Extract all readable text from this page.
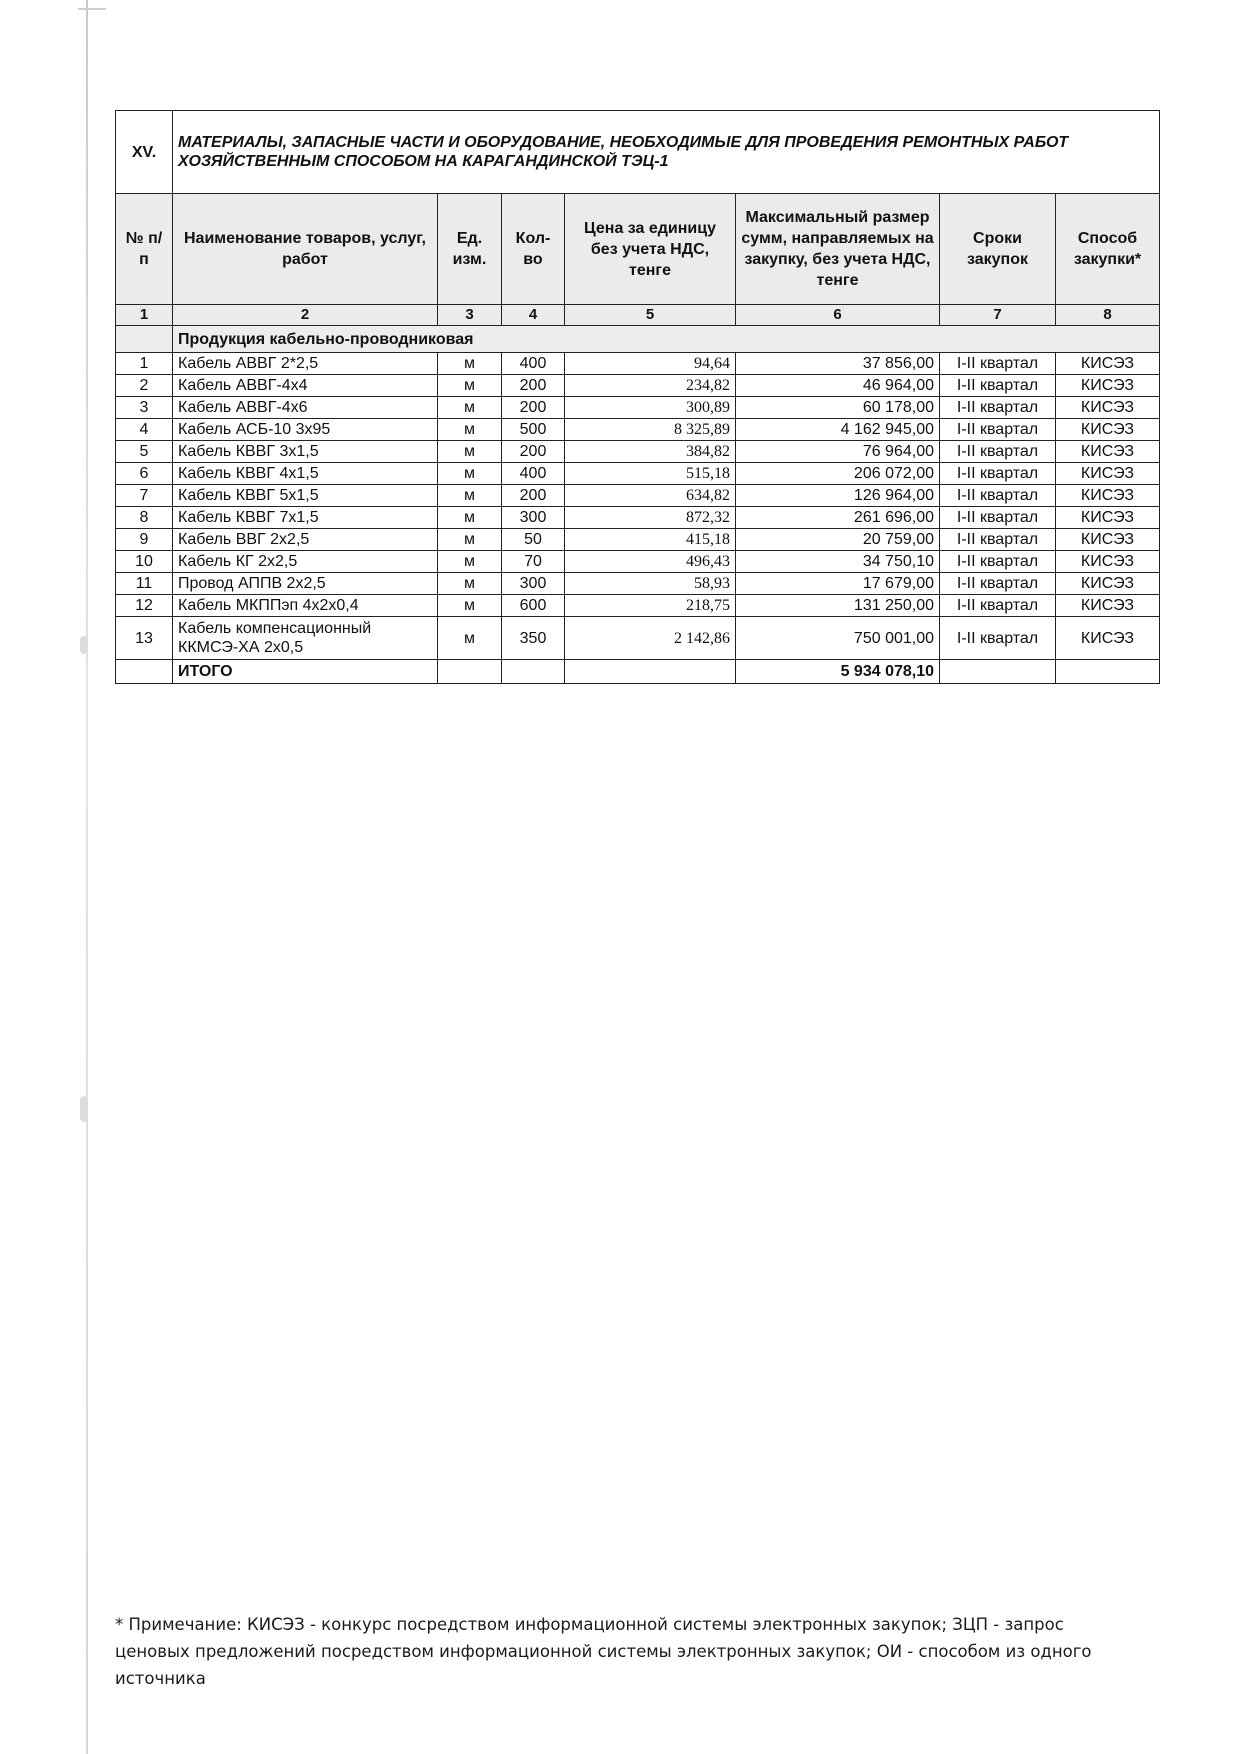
XV.	МАТЕРИАЛЫ, ЗАПАСНЫЕ ЧАСТИ И ОБОРУДОВАНИЕ, НЕОБХОДИМЫЕ ДЛЯ ПРОВЕДЕНИЯ РЕМОНТНЫХ РАБОТ ХОЗЯЙСТВЕННЫМ СПОСОБОМ НА КАРАГАНДИНСКОЙ ТЭЦ-1						
№ п/п	Наименование товаров, услуг, работ	Ед. изм.	Кол-во	Цена за единицу без учета НДС, тенге	Максимальный размер сумм, направляемых на закупку, без учета НДС, тенге	Сроки закупок	Способ закупки*
1	2	3	4	5	6	7	8
	Продукция кабельно-проводниковая						
1	Кабель АВВГ 2*2,5	м	400	94,64	37 856,00	I-II квартал	КИСЭЗ
2	Кабель АВВГ-4х4	м	200	234,82	46 964,00	I-II квартал	КИСЭЗ
3	Кабель АВВГ-4х6	м	200	300,89	60 178,00	I-II квартал	КИСЭЗ
4	Кабель АСБ-10 3х95	м	500	8 325,89	4 162 945,00	I-II квартал	КИСЭЗ
5	Кабель КВВГ 3х1,5	м	200	384,82	76 964,00	I-II квартал	КИСЭЗ
6	Кабель КВВГ 4х1,5	м	400	515,18	206 072,00	I-II квартал	КИСЭЗ
7	Кабель КВВГ 5х1,5	м	200	634,82	126 964,00	I-II квартал	КИСЭЗ
8	Кабель КВВГ 7х1,5	м	300	872,32	261 696,00	I-II квартал	КИСЭЗ
9	Кабель ВВГ 2х2,5	м	50	415,18	20 759,00	I-II квартал	КИСЭЗ
10	Кабель КГ 2х2,5	м	70	496,43	34 750,10	I-II квартал	КИСЭЗ
11	Провод АППВ 2х2,5	м	300	58,93	17 679,00	I-II квартал	КИСЭЗ
12	Кабель МКППэп 4х2х0,4	м	600	218,75	131 250,00	I-II квартал	КИСЭЗ
13	Кабель компенсационный ККМСЭ-ХА 2х0,5	м	350	2 142,86	750 001,00	I-II квартал	КИСЭЗ
	ИТОГО				5 934 078,10		
* Примечание: КИСЭЗ - конкурс посредством информационной системы электронных закупок; ЗЦП - запрос ценовых предложений посредством информационной системы электронных закупок; ОИ - способом из одного источника
